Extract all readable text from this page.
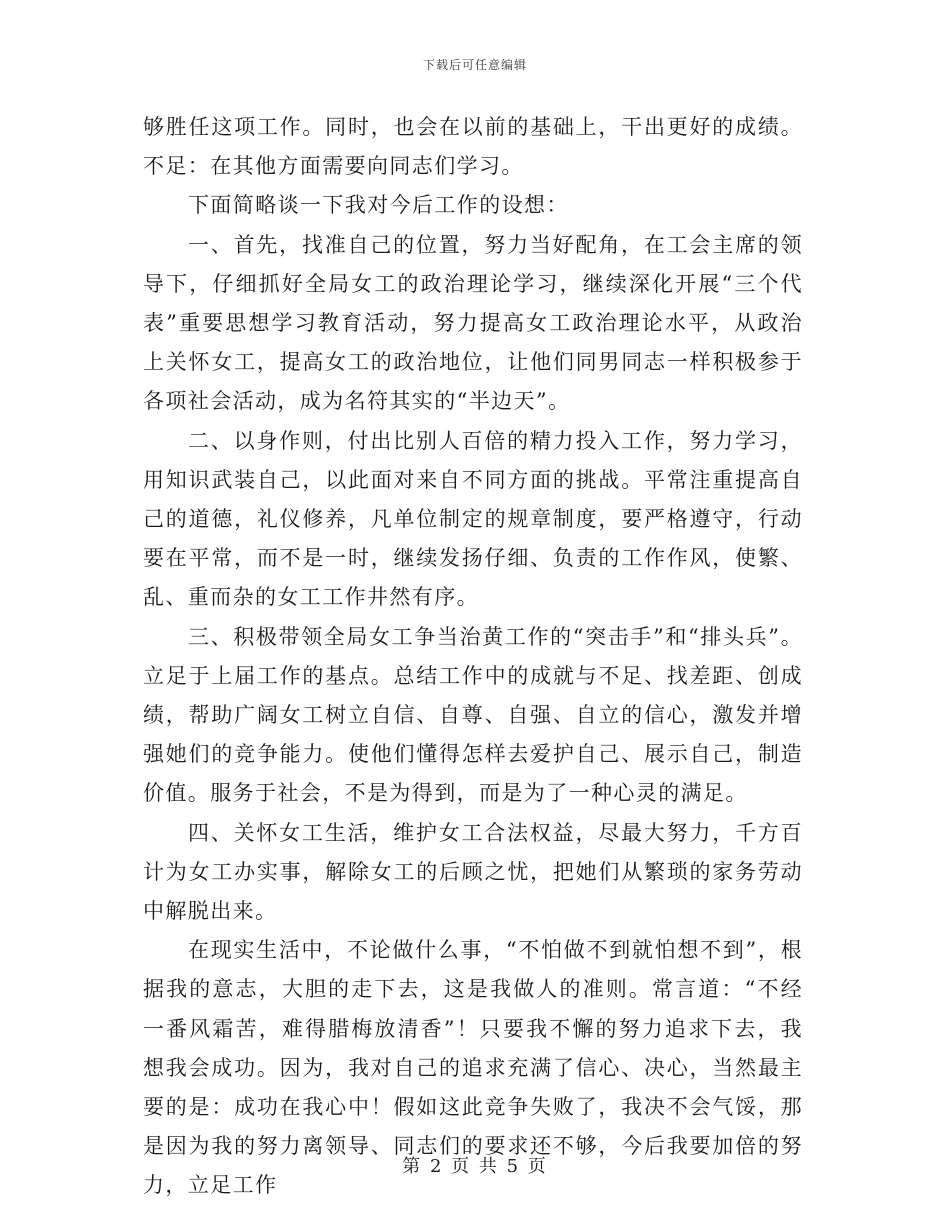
下载后可任意编辑

够胜任这项工作。同时，也会在以前的基础上，干出更好的成绩。不足：在其他方面需要向同志们学习。

下面简略谈一下我对今后工作的设想：

一、首先，找准自己的位置，努力当好配角，在工会主席的领导下，仔细抓好全局女工的政治理论学习，继续深化开展“三个代表”重要思想学习教育活动，努力提高女工政治理论水平，从政治上关怀女工，提高女工的政治地位，让他们同男同志一样积极参于各项社会活动，成为名符其实的“半边天”。

二、以身作则，付出比别人百倍的精力投入工作，努力学习，用知识武装自己，以此面对来自不同方面的挑战。平常注重提高自己的道德，礼仪修养，凡单位制定的规章制度，要严格遵守，行动要在平常，而不是一时，继续发扬仔细、负责的工作作风，使繁、乱、重而杂的女工工作井然有序。

三、积极带领全局女工争当治黄工作的“突击手”和“排头兵”。立足于上届工作的基点。总结工作中的成就与不足、找差距、创成绩，帮助广阔女工树立自信、自尊、自强、自立的信心，激发并增强她们的竞争能力。使他们懂得怎样去爱护自己、展示自己，制造价值。服务于社会，不是为得到，而是为了一种心灵的满足。

四、关怀女工生活，维护女工合法权益，尽最大努力，千方百计为女工办实事，解除女工的后顾之忧，把她们从繁琐的家务劳动中解脱出来。

在现实生活中，不论做什么事，“不怕做不到就怕想不到”，根据我的意志，大胆的走下去，这是我做人的准则。常言道：“不经一番风霜苦，难得腊梅放清香”！只要我不懈的努力追求下去，我想我会成功。因为，我对自己的追求充满了信心、决心，当然最主要的是：成功在我心中！假如这此竞争失败了，我决不会气馁，那是因为我的努力离领导、同志们的要求还不够，今后我要加倍的努力，立足工作

第 2 页 共 5 页
